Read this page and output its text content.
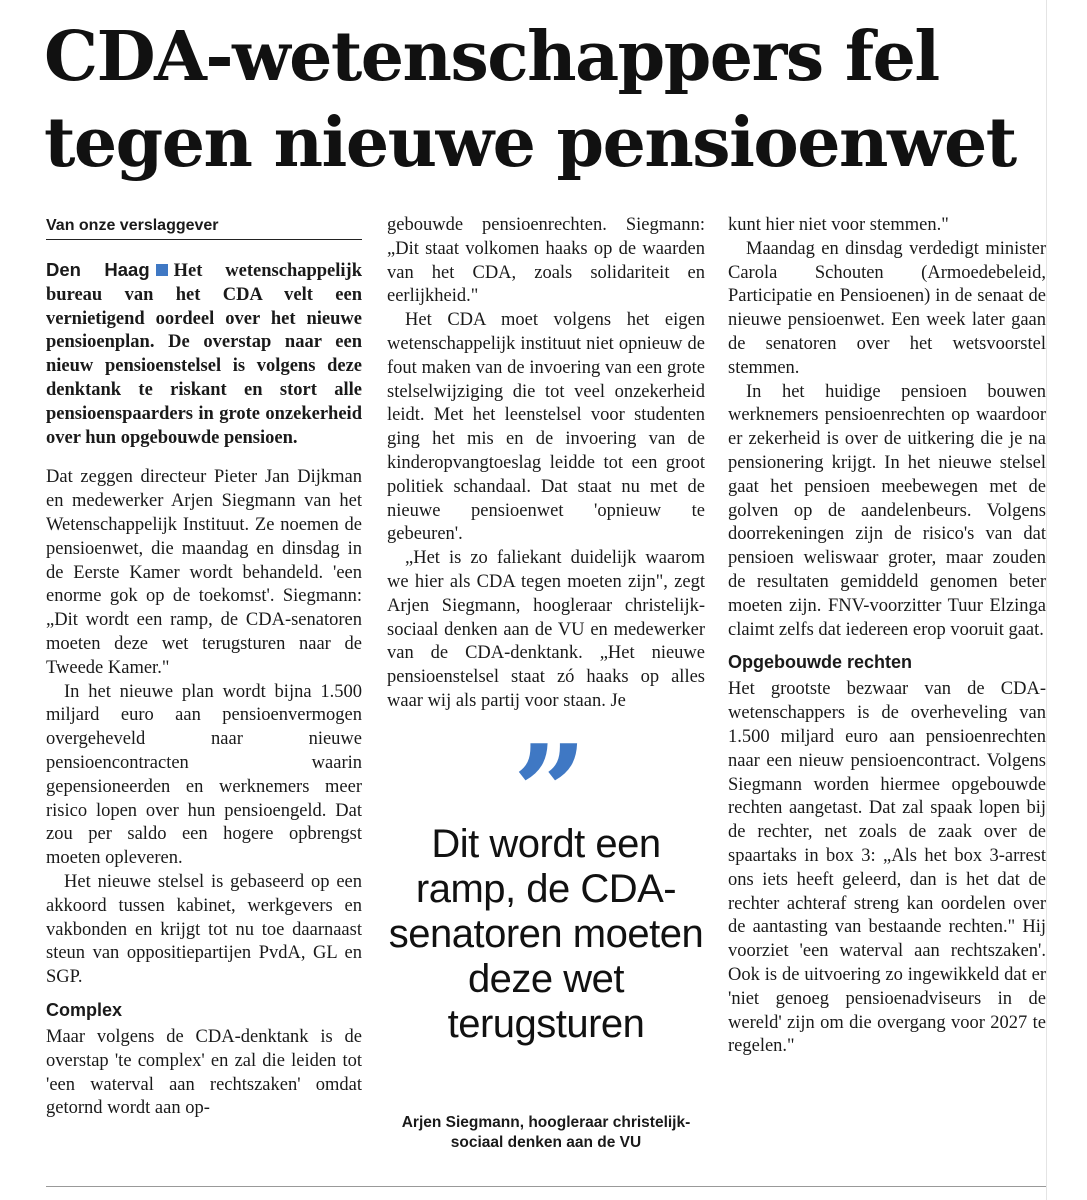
CDA-wetenschappers fel
tegen nieuwe pensioenwet
Van onze verslaggever

Den Haag Het wetenschappelijk bureau van het CDA velt een vernietigend oordeel over het nieuwe pensioenplan. De overstap naar een nieuw pensioenstelsel is volgens deze denktank te riskant en stort alle pensioenspaarders in grote onzekerheid over hun opgebouwde pensioen.

Dat zeggen directeur Pieter Jan Dijkman en medewerker Arjen Siegmann van het Wetenschappelijk Instituut. Ze noemen de pensioenwet, die maandag en dinsdag in de Eerste Kamer wordt behandeld. 'een enorme gok op de toekomst'. Siegmann: „Dit wordt een ramp, de CDA-senatoren moeten deze wet terugsturen naar de Tweede Kamer."

In het nieuwe plan wordt bijna 1.500 miljard euro aan pensioenvermogen overgeheveld naar nieuwe pensioencontracten waarin gepensioneerden en werknemers meer risico lopen over hun pensioengeld. Dat zou per saldo een hogere opbrengst moeten opleveren.

Het nieuwe stelsel is gebaseerd op een akkoord tussen kabinet, werkgevers en vakbonden en krijgt tot nu toe daarnaast steun van oppositiepartijen PvdA, GL en SGP.

Complex

Maar volgens de CDA-denktank is de overstap 'te complex' en zal die leiden tot 'een waterval aan rechtszaken' omdat getornd wordt aan op-

gebouwde pensioenrechten. Siegmann: „Dit staat volkomen haaks op de waarden van het CDA, zoals solidariteit en eerlijkheid."

Het CDA moet volgens het eigen wetenschappelijk instituut niet opnieuw de fout maken van de invoering van een grote stelselwijziging die tot veel onzekerheid leidt. Met het leenstelsel voor studenten ging het mis en de invoering van de kinderopvangtoeslag leidde tot een groot politiek schandaal. Dat staat nu met de nieuwe pensioenwet 'opnieuw te gebeuren'.

„Het is zo faliekant duidelijk waarom we hier als CDA tegen moeten zijn", zegt Arjen Siegmann, hoogleraar christelijk-sociaal denken aan de VU en medewerker van de CDA-denktank. „Het nieuwe pensioenstelsel staat zó haaks op alles waar wij als partij voor staan. Je

”
Dit wordt een ramp, de CDA-senatoren moeten deze wet terugsturen
Arjen Siegmann, hoogleraar christelijk-sociaal denken aan de VU

kunt hier niet voor stemmen."

Maandag en dinsdag verdedigt minister Carola Schouten (Armoedebeleid, Participatie en Pensioenen) in de senaat de nieuwe pensioenwet. Een week later gaan de senatoren over het wetsvoorstel stemmen.

In het huidige pensioen bouwen werknemers pensioenrechten op waardoor er zekerheid is over de uitkering die je na pensionering krijgt. In het nieuwe stelsel gaat het pensioen meebewegen met de golven op de aandelenbeurs. Volgens doorrekeningen zijn de risico's van dat pensioen weliswaar groter, maar zouden de resultaten gemiddeld genomen beter moeten zijn. FNV-voorzitter Tuur Elzinga claimt zelfs dat iedereen erop vooruit gaat.

Opgebouwde rechten

Het grootste bezwaar van de CDA-wetenschappers is de overheveling van 1.500 miljard euro aan pensioenrechten naar een nieuw pensioencontract. Volgens Siegmann worden hiermee opgebouwde rechten aangetast. Dat zal spaak lopen bij de rechter, net zoals de zaak over de spaartaks in box 3: „Als het box 3-arrest ons iets heeft geleerd, dan is het dat de rechter achteraf streng kan oordelen over de aantasting van bestaande rechten." Hij voorziet 'een waterval aan rechtszaken'. Ook is de uitvoering zo ingewikkeld dat er 'niet genoeg pensioenadviseurs in de wereld' zijn om die overgang voor 2027 te regelen."
